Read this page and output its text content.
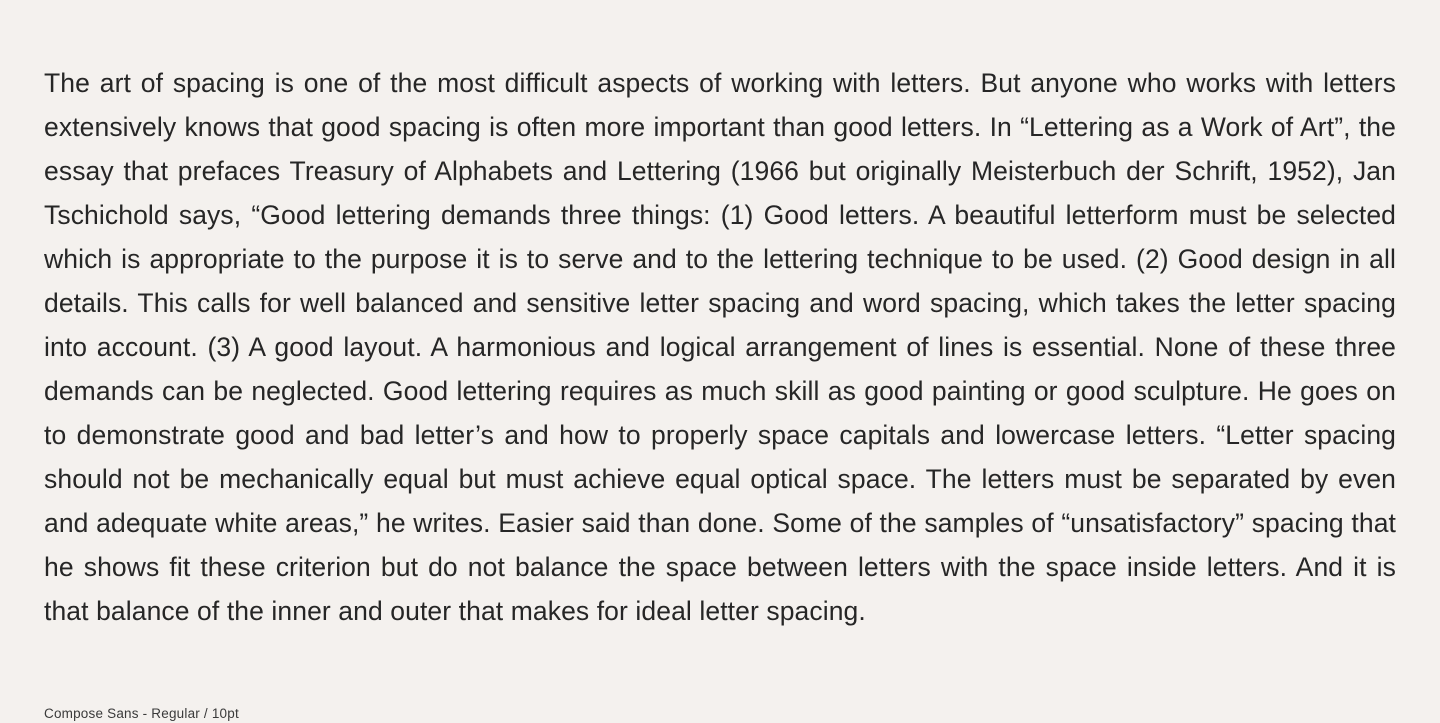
The art of spacing is one of the most difficult aspects of working with letters. But anyone who works with letters extensively knows that good spacing is often more important than good letters. In “Lettering as a Work of Art”, the essay that prefaces Treasury of Alphabets and Lettering (1966 but originally Meisterbuch der Schrift, 1952), Jan Tschichold says, “Good lettering demands three things: (1) Good letters. A beautiful letterform must be selected which is appropriate to the purpose it is to serve and to the lettering technique to be used. (2) Good design in all details. This calls for well balanced and sensitive letter spacing and word spacing, which takes the letter spacing into account. (3) A good layout. A harmonious and logical arrangement of lines is essential. None of these three demands can be neglected. Good lettering requires as much skill as good painting or good sculpture. He goes on to demonstrate good and bad letter’s and how to properly space capitals and lowercase letters. “Letter spacing should not be mechanically equal but must achieve equal optical space. The letters must be separated by even and adequate white areas,” he writes. Easier said than done. Some of the samples of “unsatisfactory” spacing that he shows fit these criterion but do not balance the space between letters with the space inside letters. And it is that balance of the inner and outer that makes for ideal letter spacing.

Compose Sans - Regular / 10pt
